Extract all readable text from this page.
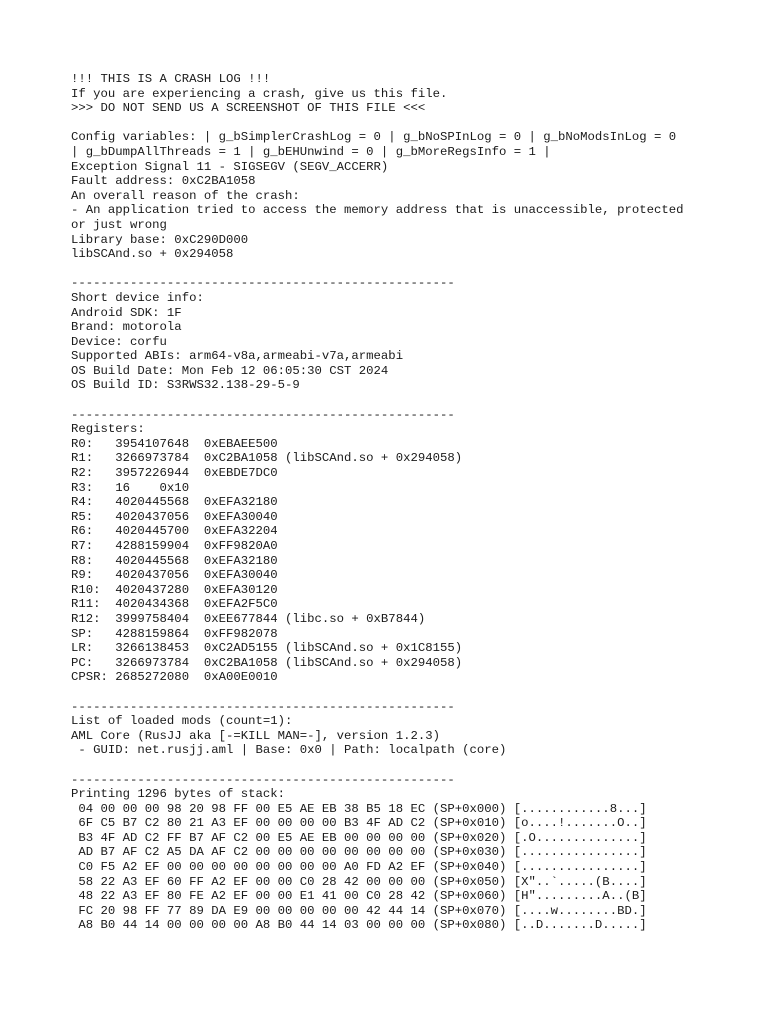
!!! THIS IS A CRASH LOG !!!
If you are experiencing a crash, give us this file.
>>> DO NOT SEND US A SCREENSHOT OF THIS FILE <<<
Config variables: | g_bSimplerCrashLog = 0 | g_bNoSPInLog = 0 | g_bNoModsInLog = 0
| g_bDumpAllThreads = 1 | g_bEHUnwind = 0 | g_bMoreRegsInfo = 1 |
Exception Signal 11 - SIGSEGV (SEGV_ACCERR)
Fault address: 0xC2BA1058
An overall reason of the crash:
- An application tried to access the memory address that is unaccessible, protected
or just wrong
Library base: 0xC290D000
libSCAnd.so + 0x294058
----------------------------------------------------
Short device info:
Android SDK: 1F
Brand: motorola
Device: corfu
Supported ABIs: arm64-v8a,armeabi-v7a,armeabi
OS Build Date: Mon Feb 12 06:05:30 CST 2024
OS Build ID: S3RWS32.138-29-5-9
----------------------------------------------------
Registers:
R0:   3954107648  0xEBAEE500
R1:   3266973784  0xC2BA1058 (libSCAnd.so + 0x294058)
R2:   3957226944  0xEBDE7DC0
R3:   16    0x10
R4:   4020445568  0xEFA32180
R5:   4020437056  0xEFA30040
R6:   4020445700  0xEFA32204
R7:   4288159904  0xFF9820A0
R8:   4020445568  0xEFA32180
R9:   4020437056  0xEFA30040
R10:  4020437280  0xEFA30120
R11:  4020434368  0xEFA2F5C0
R12:  3999758404  0xEE677844 (libc.so + 0xB7844)
SP:   4288159864  0xFF982078
LR:   3266138453  0xC2AD5155 (libSCAnd.so + 0x1C8155)
PC:   3266973784  0xC2BA1058 (libSCAnd.so + 0x294058)
CPSR: 2685272080  0xA00E0010
----------------------------------------------------
List of loaded mods (count=1):
AML Core (RusJJ aka [-=KILL MAN=-], version 1.2.3)
- GUID: net.rusjj.aml | Base: 0x0 | Path: localpath (core)
----------------------------------------------------
Printing 1296 bytes of stack:
04 00 00 00 98 20 98 FF 00 E5 AE EB 38 B5 18 EC (SP+0x000) [............8...]
6F C5 B7 C2 80 21 A3 EF 00 00 00 00 B3 4F AD C2 (SP+0x010) [o....!.......O..]
B3 4F AD C2 FF B7 AF C2 00 E5 AE EB 00 00 00 00 (SP+0x020) [.O..............]
AD B7 AF C2 A5 DA AF C2 00 00 00 00 00 00 00 00 (SP+0x030) [................]
C0 F5 A2 EF 00 00 00 00 00 00 00 00 A0 FD A2 EF (SP+0x040) [................]
58 22 A3 EF 60 FF A2 EF 00 00 C0 28 42 00 00 00 (SP+0x050) [X"..`.....(B....]
48 22 A3 EF 80 FE A2 EF 00 00 E1 41 00 C0 28 42 (SP+0x060) [H".........A..(B]
FC 20 98 FF 77 89 DA E9 00 00 00 00 00 42 44 14 (SP+0x070) [....w........BD.]
A8 B0 44 14 00 00 00 00 A8 B0 44 14 03 00 00 00 (SP+0x080) [..D.......D.....]
